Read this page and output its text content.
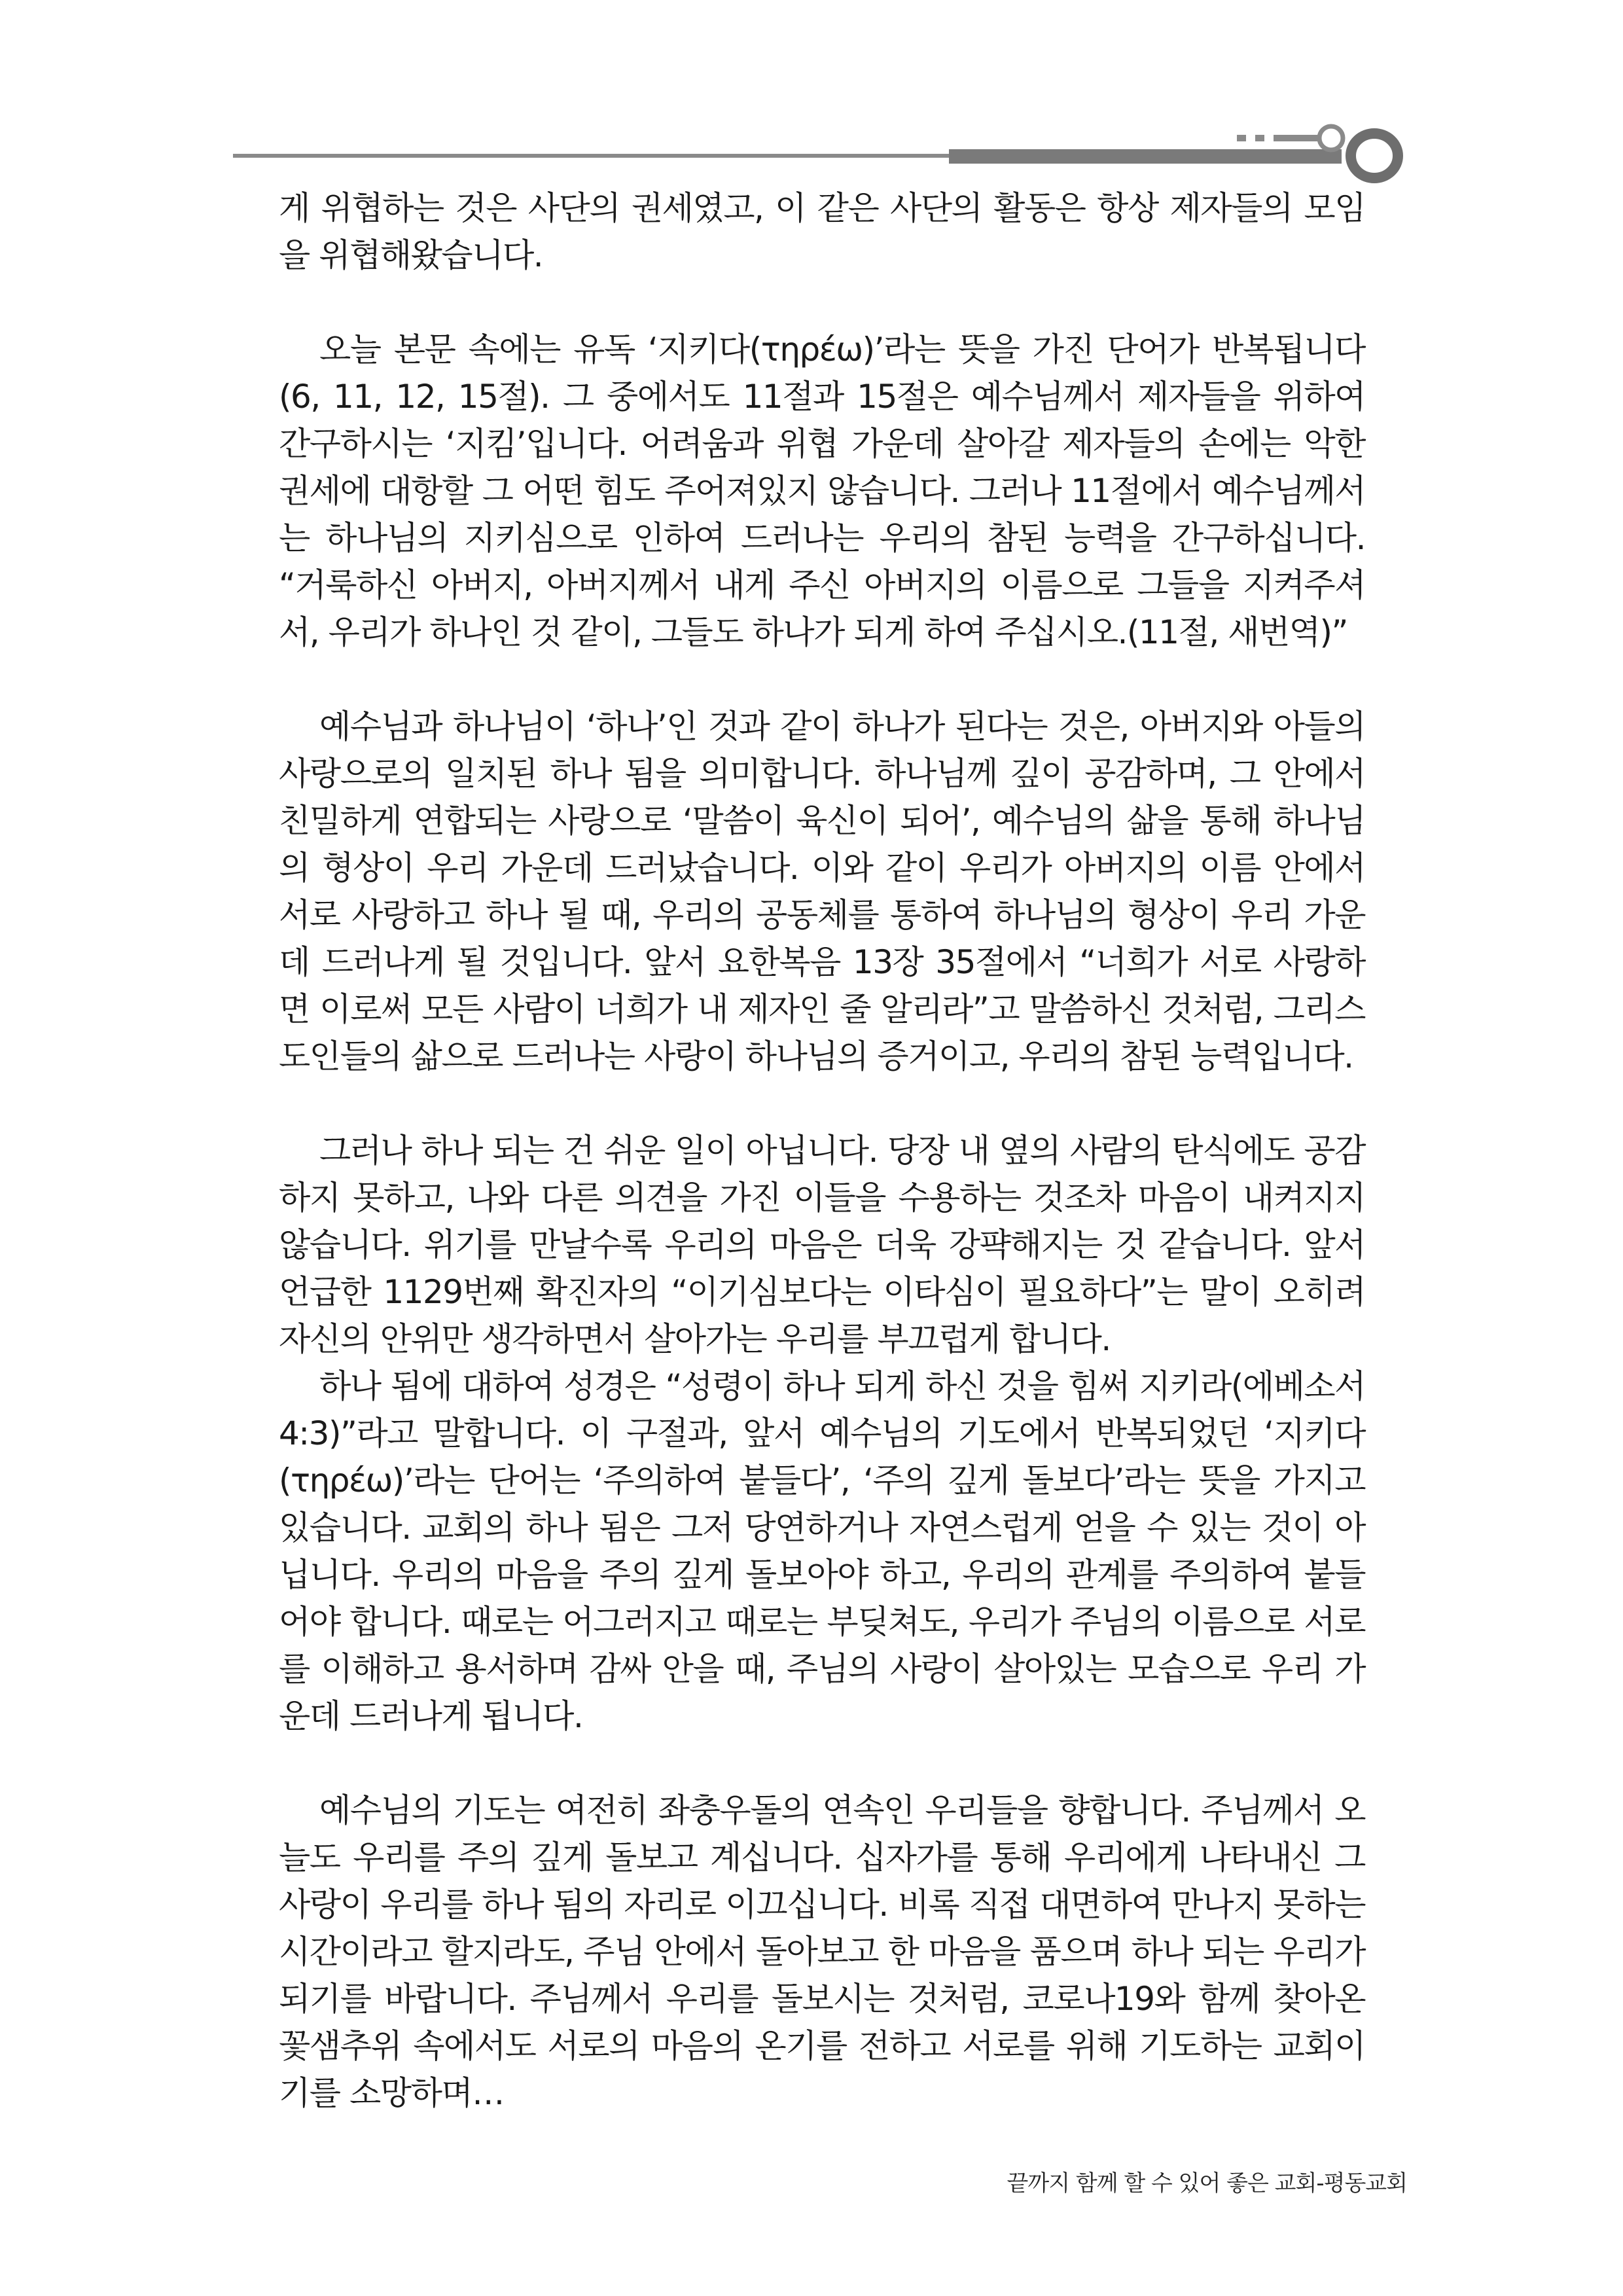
게 위협하는 것은 사단의 권세였고, 이 같은 사단의 활동은 항상 제자들의 모임을 위협해왔습니다.

오늘 본문 속에는 유독 ‘지키다(τηρέω)’라는 뜻을 가진 단어가 반복됩니다(6, 11, 12, 15절). 그 중에서도 11절과 15절은 예수님께서 제자들을 위하여 간구하시는 ‘지킴’입니다. 어려움과 위협 가운데 살아갈 제자들의 손에는 악한 권세에 대항할 그 어떤 힘도 주어져있지 않습니다. 그러나 11절에서 예수님께서는 하나님의 지키심으로 인하여 드러나는 우리의 참된 능력을 간구하십니다. “거룩하신 아버지, 아버지께서 내게 주신 아버지의 이름으로 그들을 지켜주셔서, 우리가 하나인 것 같이, 그들도 하나가 되게 하여 주십시오.(11절, 새번역)”

예수님과 하나님이 ‘하나’인 것과 같이 하나가 된다는 것은, 아버지와 아들의 사랑으로의 일치된 하나 됨을 의미합니다. 하나님께 깊이 공감하며, 그 안에서 친밀하게 연합되는 사랑으로 ‘말씀이 육신이 되어’, 예수님의 삶을 통해 하나님의 형상이 우리 가운데 드러났습니다. 이와 같이 우리가 아버지의 이름 안에서 서로 사랑하고 하나 될 때, 우리의 공동체를 통하여 하나님의 형상이 우리 가운데 드러나게 될 것입니다. 앞서 요한복음 13장 35절에서 “너희가 서로 사랑하면 이로써 모든 사람이 너희가 내 제자인 줄 알리라”고 말씀하신 것처럼, 그리스도인들의 삶으로 드러나는 사랑이 하나님의 증거이고, 우리의 참된 능력입니다.

그러나 하나 되는 건 쉬운 일이 아닙니다. 당장 내 옆의 사람의 탄식에도 공감하지 못하고, 나와 다른 의견을 가진 이들을 수용하는 것조차 마음이 내켜지지 않습니다. 위기를 만날수록 우리의 마음은 더욱 강퍅해지는 것 같습니다. 앞서 언급한 1129번째 확진자의 “이기심보다는 이타심이 필요하다”는 말이 오히려 자신의 안위만 생각하면서 살아가는 우리를 부끄럽게 합니다.

하나 됨에 대하여 성경은 “성령이 하나 되게 하신 것을 힘써 지키라(에베소서 4:3)”라고 말합니다. 이 구절과, 앞서 예수님의 기도에서 반복되었던 ‘지키다(τηρέω)’라는 단어는 ‘주의하여 붙들다’, ‘주의 깊게 돌보다’라는 뜻을 가지고 있습니다. 교회의 하나 됨은 그저 당연하거나 자연스럽게 얻을 수 있는 것이 아닙니다. 우리의 마음을 주의 깊게 돌보아야 하고, 우리의 관계를 주의하여 붙들어야 합니다. 때로는 어그러지고 때로는 부딪쳐도, 우리가 주님의 이름으로 서로를 이해하고 용서하며 감싸 안을 때, 주님의 사랑이 살아있는 모습으로 우리 가운데 드러나게 됩니다.

예수님의 기도는 여전히 좌충우돌의 연속인 우리들을 향합니다. 주님께서 오늘도 우리를 주의 깊게 돌보고 계십니다. 십자가를 통해 우리에게 나타내신 그 사랑이 우리를 하나 됨의 자리로 이끄십니다. 비록 직접 대면하여 만나지 못하는 시간이라고 할지라도, 주님 안에서 돌아보고 한 마음을 품으며 하나 되는 우리가 되기를 바랍니다. 주님께서 우리를 돌보시는 것처럼, 코로나19와 함께 찾아온 꽃샘추위 속에서도 서로의 마음의 온기를 전하고 서로를 위해 기도하는 교회이기를 소망하며…

끝까지 함께 할 수 있어 좋은 교회-평동교회
